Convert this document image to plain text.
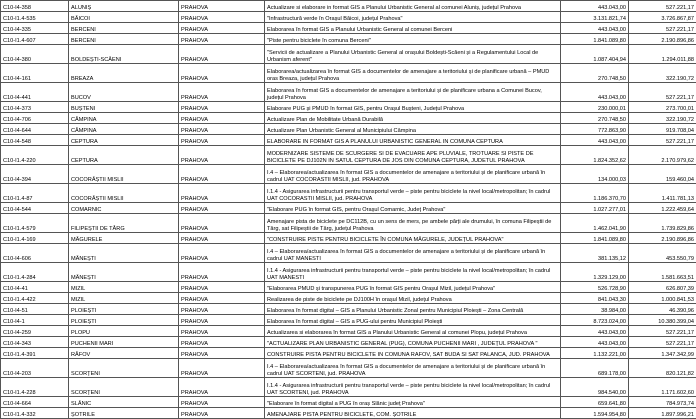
C10-I4-358	ALUNIȘ	PRAHOVA	Actualizare si elaborare in format GIS a Planului Urbanistic General al comunei Aluniș, județul Prahova	443.043,00	527.221,17
C10-I1.4-535	BĂICOI	PRAHOVA	"Infrastructură verde în Orașul Băicoi, județul Prahova"	3.131.821,74	3.726.867,87
C10-I4-335	BERCENI	PRAHOVA	Elaborarea în format GIS a Planului Urbanistic General al comunei Berceni	443.043,00	527.221,17
C10-I1.4-607	BERCENI	PRAHOVA	"Piste pentru biciclete în comuna Berceni"	1.841.089,80	2.190.896,86
C10-I4-380	BOLDEȘTI-SCĂENI	PRAHOVA	"Servicii de actualizare a Planului Urbanistic General al orașului Boldești-Scăeni și a Regulamentului Local de Urbanism aferent"	1.087.404,94	1.294.011,88
C10-I4-161	BREAZA	PRAHOVA	Elaborarea/actualizarea în format GIS a documentelor de amenajare a teritoriului și de planificare urbană – PMUD oras Breaza, județul Prahova	270.748,50	322.190,72
C10-I4-441	BUCOV	PRAHOVA	Elaborarea în format GIS a documentelor de amenajare a teritoriului și de planificare urbana a Comunei Bucov, județul Prahova	443.043,00	527.221,17
C10-I4-373	BUȘTENI	PRAHOVA	Elaborare PUG și PMUD în format GIS, pentru Orașul Bușteni, Județul Prahova	230.000,01	273.700,01
C10-I4-706	CÂMPINA	PRAHOVA	Actualizare Plan de Mobilitate Urbană Durabilă	270.748,50	322.190,72
C10-I4-644	CÂMPINA	PRAHOVA	Actualizare Plan Urbanistic General al Municipiului Câmpina	772.863,90	919.708,04
C10-I4-548	CEPTURA	PRAHOVA	ELABORARE IN FORMAT GIS A PLANULUI URBANISTIC GENERAL IN COMUNA CEPTURA	443.043,00	527.221,17
C10-I1.4-220	CEPTURA	PRAHOVA	MODERNIZARE SISTEME DE SCURGERE SI DE EVACUARE APE PLUVIALE, TROTUARE SI PISTE DE BICICLETE PE DJ102N IN SATUL CEPTURA DE JOS DIN COMUNA CEPTURA, JUDETUL PRAHOVA	1.824.352,62	2.170.979,62
C10-I4-394	COCORĂȘTII MISLII	PRAHOVA	I.4 – Elaborarea/actualizarea în format GIS a documentelor de amenajare a teritoriului și de planificare urbană în cadrul UAT COCORASTII MISLII, jud. PRAHOVA	134.000,03	159.460,04
C10-I1.4-87	COCORĂȘTII MISLII	PRAHOVA	I.1.4 - Asigurarea infrastructurii pentru transportul verde – piste pentru biciclete la nivel local/metropolitan; în cadrul UAT COCORASTII MISLII, jud. PRAHOVA	1.186.370,70	1.411.781,13
C10-I4-544	COMARNIC	PRAHOVA	"Elaborare PUG în format GIS, pentru Orașul Comarnic, Județ Prahova"	1.027.277,01	1.222.459,64
C10-I1.4-579	FILIPEȘTII DE TÂRG	PRAHOVA	Amenajare pista de biciclete pe DC112B, cu un sens de mers, pe ambele părți ale drumului, în comuna Filipeștii de Târg, sat Filipeștii de Târg, județul Prahova	1.462.041,90	1.739.829,86
C10-I1.4-169	MĂGURELE	PRAHOVA	"CONSTRUIRE PISTE PENTRU BICICLETE ÎN COMUNA MĂGURELE, JUDEȚUL PRAHOVA"	1.841.089,80	2.190.896,86
C10-I4-606	MĂNEȘTI	PRAHOVA	I.4 – Elaborarea/actualizarea în format GIS a documentelor de amenajare a teritoriului și de planificare urbană în cadrul UAT MANESTI	381.135,12	453.550,79
C10-I1.4-284	MĂNEȘTI	PRAHOVA	I.1.4 - Asigurarea infrastructurii pentru transportul verde – piste pentru biciclete la nivel local/metropolitan; în cadrul UAT MANESTI	1.329.129,00	1.581.663,51
C10-I4-41	MIZIL	PRAHOVA	"Elaborarea PMUD și transpunerea PUG în format GIS pentru Orașul Mizil, județul Prahova"	526.728,90	626.807,39
C10-I1.4-422	MIZIL	PRAHOVA	Realizarea de piste de biciclete pe DJ100H în orașul Mizil, județul Prahova	841.043,30	1.000.841,53
C10-I4-51	PLOIEȘTI	PRAHOVA	Elaborarea în format digital – GIS a Planului Urbanistic Zonal pentru Municipiul Ploiești – Zona Centrală	38.984,00	46.390,96
C10-I4-1	PLOIEȘTI	PRAHOVA	Elaborarea în format digital – GIS a PUG-ului pentru Municipiul Ploiești	8.723.024,00	10.380.399,04
C10-I4-259	PLOPU	PRAHOVA	Actualizarea si elaborarea în format GIS a Planului Urbanistic General al comunei Plopu, județul Prahova	443.043,00	527.221,17
C10-I4-343	PUCHENII MARI	PRAHOVA	"ACTUALIZARE PLAN URBANISTIC GENERAL (PUG), COMUNA PUCHENII MARI , JUDEȚUL PRAHOVA "	443.043,00	527.221,17
C10-I1.4-391	RÂFOV	PRAHOVA	CONSTRUIRE PISTA PENTRU BICICLETE IN COMUNA RAFOV, SAT BUDA SI SAT PALANCA, JUD. PRAHOVA	1.132.221,00	1.347.342,99
C10-I4-203	SCORȚENI	PRAHOVA	I.4 – Elaborarea/actualizarea în format GIS a documentelor de amenajare a teritoriului și de planificare urbană în cadrul UAT SCORTENI, jud. PRAHOVA	689.178,00	820.121,82
C10-I1.4-228	SCORȚENI	PRAHOVA	I.1.4 - Asigurarea infrastructurii pentru transportul verde – piste pentru biciclete la nivel local/metropolitan; în cadrul UAT SCORTENI, jud. PRAHOVA	984.540,00	1.171.602,60
C10-I4-664	SLĂNIC	PRAHOVA	"Elaborare în format digital a PUG în oraș Slănic județ Prahova"	659.641,80	784.973,74
C10-I1.4-332	ȘOTRILE	PRAHOVA	AMENAJARE PISTA PENTRU BICICLETE, COM. ȘOTRILE	1.594.954,80	1.897.996,21
